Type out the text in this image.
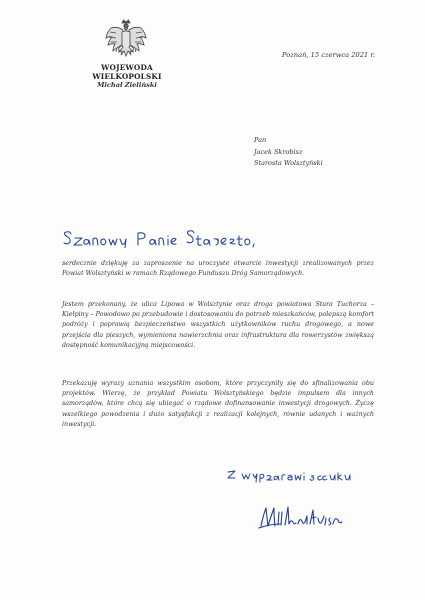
WOJEWODA WIELKOPOLSKI
Michał Zieliński
Poznań, 15 czerwca 2021 r.
Pan
Jacek Skrobisz
Starosta Wolsztyński

serdecznie dziękuję za zaproszenie na uroczyste otwarcie inwestycji zrealizowanych przez Powiat Wolsztyński w ramach Rządowego Funduszu Dróg Samorządowych.

Jestem przekonany, że ulica Lipowa w Wolsztynie oraz droga powiatowa Stara Tuchorza – Kiełpiny – Powodowo po przebudowie i dostosowaniu do potrzeb mieszkańców, polepszą komfort podróży i poprawią bezpieczeństwo wszystkich użytkowników ruchu drogowego, a nowe przejścia dla pieszych, wymieniona nawierzchnia oraz infrastruktura dla rowerzystów zwiększą dostępność komunikacyjną miejscowości.

Przekazuję wyrazy uznania wszystkim osobom, które przyczyniły się do sfinalizowania obu projektów. Wierzę, że przykład Powiatu Wolsztyńskiego będzie impulsem dla innych samorządów, które chcą się ubiegać o rządowe dofinansowanie inwestycji drogowych. Życzę wszelkiego powodzenia i dużo satysfakcji z realizacji kolejnych, równie udanych i ważnych inwestycji.
